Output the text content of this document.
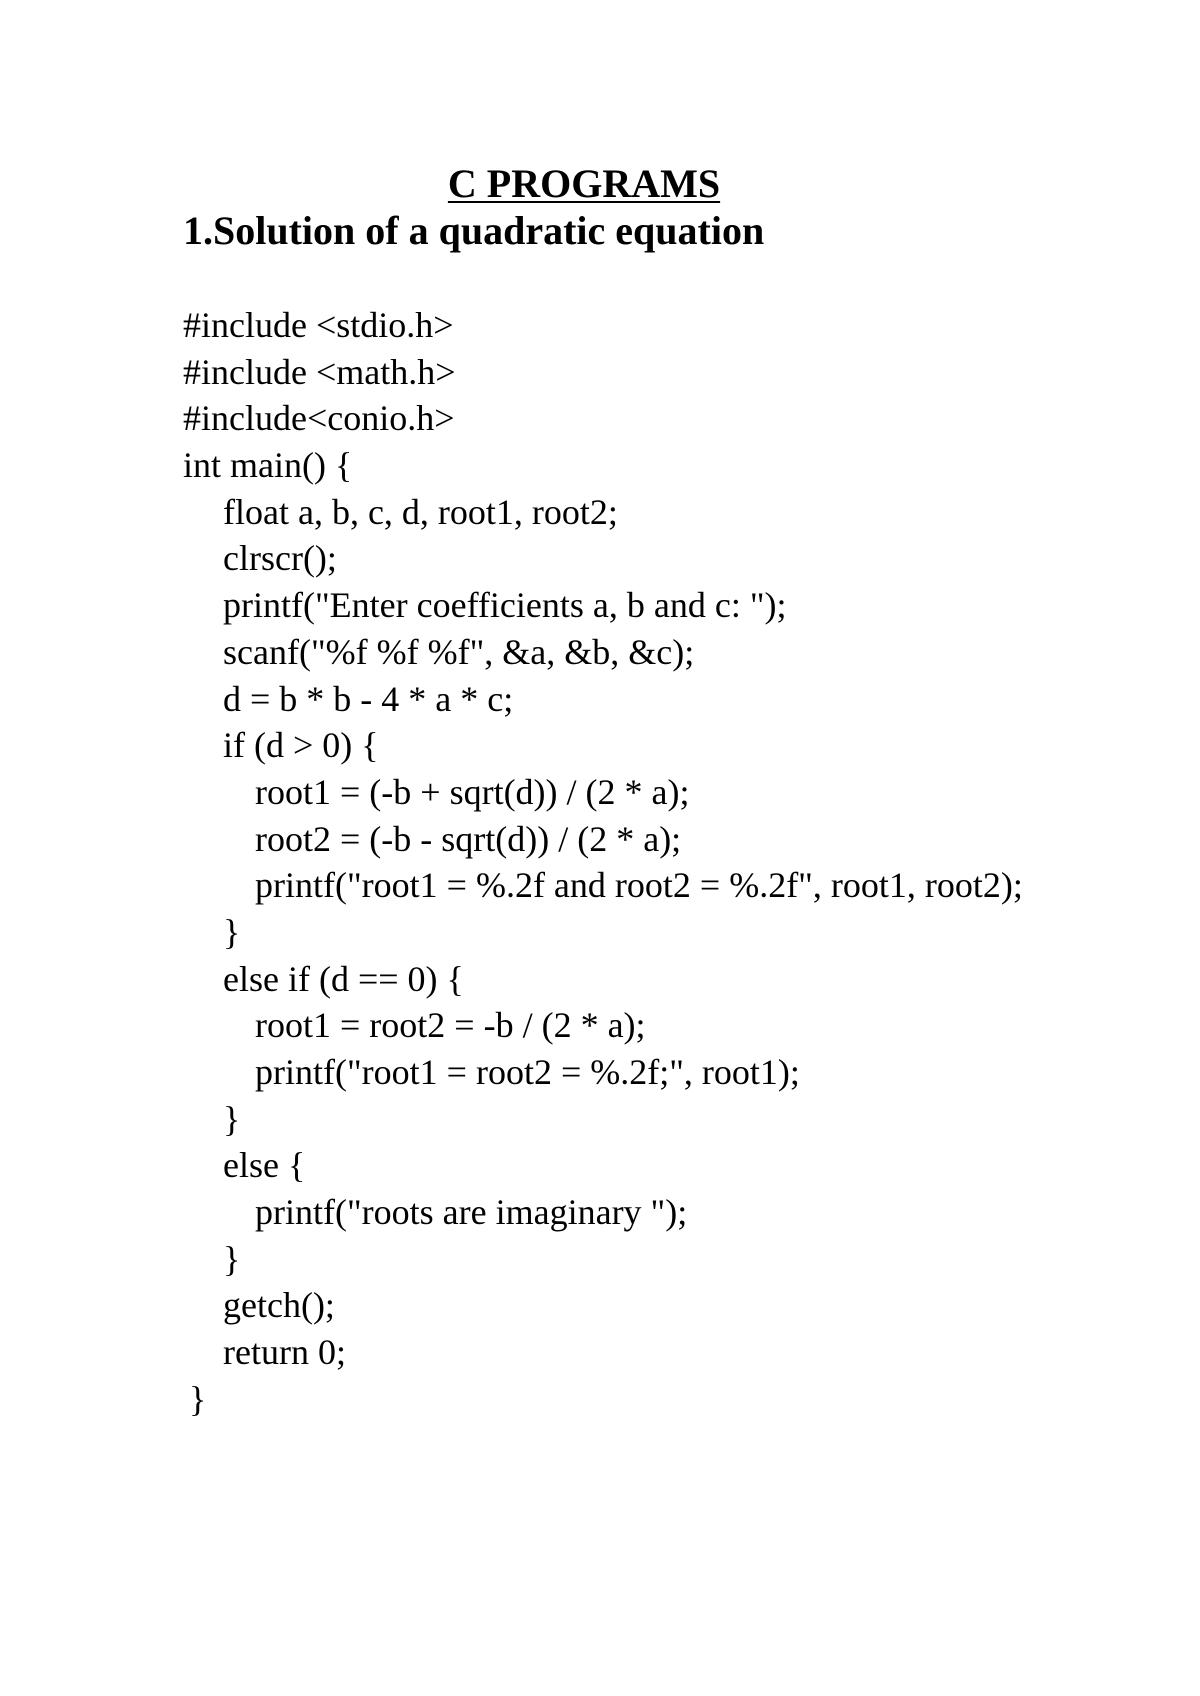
C PROGRAMS
1.Solution of a quadratic equation
#include <stdio.h>
#include <math.h>
#include<conio.h>
int main() {
float a, b, c, d, root1, root2;
clrscr();
printf("Enter coefficients a, b and c: ");
scanf("%f %f %f", &a, &b, &c);
d = b * b - 4 * a * c;
if (d > 0) {
root1 = (-b + sqrt(d)) / (2 * a);
root2 = (-b - sqrt(d)) / (2 * a);
printf("root1 = %.2f and root2 = %.2f", root1, root2);
}
else if (d == 0) {
root1 = root2 = -b / (2 * a);
printf("root1 = root2 = %.2f;", root1);
}
else {
printf("roots are imaginary ");
}
getch();
return 0;
}
